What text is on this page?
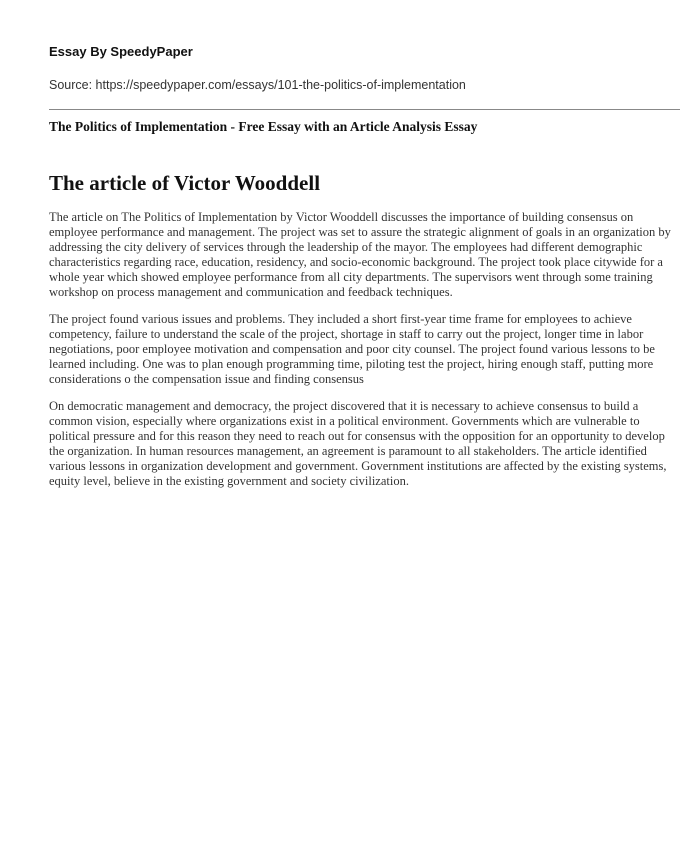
Essay By SpeedyPaper
Source: https://speedypaper.com/essays/101-the-politics-of-implementation
The Politics of Implementation - Free Essay with an Article Analysis Essay
The article of Victor Wooddell

The article on The Politics of Implementation by Victor Wooddell discusses the importance of building consensus on employee performance and management. The project was set to assure the strategic alignment of goals in an organization by addressing the city delivery of services through the leadership of the mayor. The employees had different demographic characteristics regarding race, education, residency, and socio-economic background. The project took place citywide for a whole year which showed employee performance from all city departments. The supervisors went through some training workshop on process management and communication and feedback techniques.

The project found various issues and problems. They included a short first-year time frame for employees to achieve competency, failure to understand the scale of the project, shortage in staff to carry out the project, longer time in labor negotiations, poor employee motivation and compensation and poor city counsel. The project found various lessons to be learned including. One was to plan enough programming time, piloting test the project, hiring enough staff, putting more considerations o the compensation issue and finding consensus

On democratic management and democracy, the project discovered that it is necessary to achieve consensus to build a common vision, especially where organizations exist in a political environment. Governments which are vulnerable to political pressure and for this reason they need to reach out for consensus with the opposition for an opportunity to develop the organization. In human resources management, an agreement is paramount to all stakeholders. The article identified various lessons in organization development and government. Government institutions are affected by the existing systems, equity level, believe in the existing government and society civilization.
